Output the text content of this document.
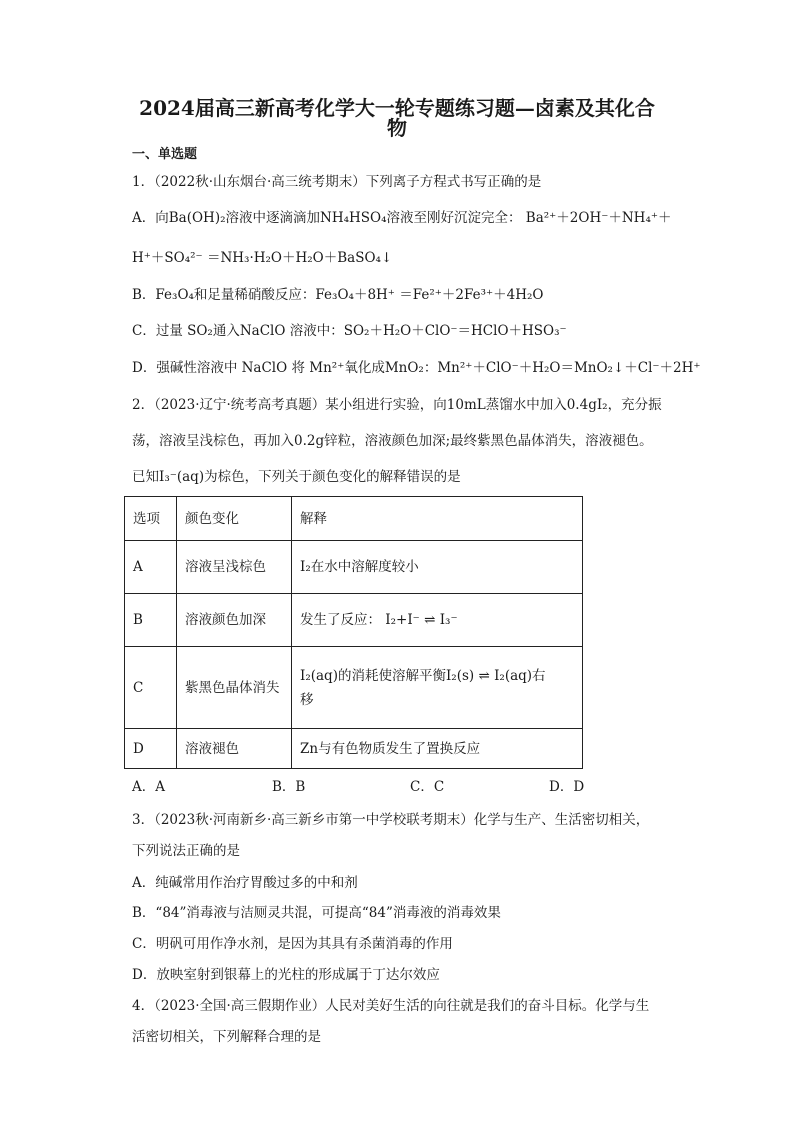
2024届高三新高考化学大一轮专题练习题—卤素及其化合
物
一、单选题
1．（2022秋·山东烟台·高三统考期末）下列离子方程式书写正确的是
A．向Ba(OH)₂溶液中逐滴滴加NH₄HSO₄溶液至刚好沉淀完全： Ba²⁺＋2OH⁻＋NH₄⁺＋
H⁺＋SO₄²⁻ ＝NH₃·H₂O＋H₂O＋BaSO₄↓
B．Fe₃O₄和足量稀硝酸反应：Fe₃O₄＋8H⁺ ＝Fe²⁺＋2Fe³⁺＋4H₂O
C．过量 SO₂通入NaClO 溶液中：SO₂＋H₂O＋ClO⁻＝HClO＋HSO₃⁻
D．强碱性溶液中 NaClO 将 Mn²⁺氧化成MnO₂：Mn²⁺＋ClO⁻＋H₂O＝MnO₂↓＋Cl⁻＋2H⁺
2．（2023·辽宁·统考高考真题）某小组进行实验，向10mL蒸馏水中加入0.4gI₂，充分振
荡，溶液呈浅棕色，再加入0.2g锌粒，溶液颜色加深;最终紫黑色晶体消失，溶液褪色。
已知I₃⁻(aq)为棕色，下列关于颜色变化的解释错误的是
选项	颜色变化	解释
A	溶液呈浅棕色	I₂在水中溶解度较小
B	溶液颜色加深	发生了反应： I₂+I⁻ ⇌ I₃⁻
C	紫黑色晶体消失	I₂(aq)的消耗使溶解平衡I₂(s) ⇌ I₂(aq)右
移

D	溶液褪色	Zn与有色物质发生了置换反应
A．A	B．B	C．C	D．D
3．（2023秋·河南新乡·高三新乡市第一中学校联考期末）化学与生产、生活密切相关，
下列说法正确的是
A．纯碱常用作治疗胃酸过多的中和剂
B．“84”消毒液与洁厕灵共混，可提高“84”消毒液的消毒效果
C．明矾可用作净水剂，是因为其具有杀菌消毒的作用
D．放映室射到银幕上的光柱的形成属于丁达尔效应
4．（2023·全国·高三假期作业）人民对美好生活的向往就是我们的奋斗目标。化学与生
活密切相关，下列解释合理的是
